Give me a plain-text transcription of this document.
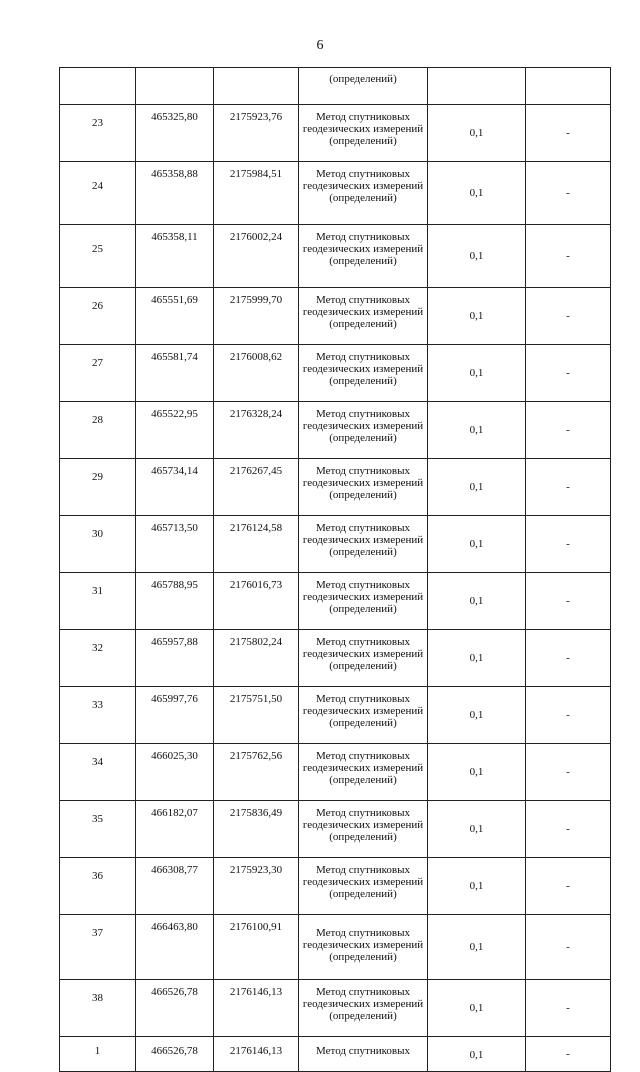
6
			(определений)		
23	465325,80	2175923,76	Метод спутниковых геодезических измерений (определений)	0,1	-
24	465358,88	2175984,51	Метод спутниковых геодезических измерений (определений)	0,1	-
25	465358,11	2176002,24	Метод спутниковых геодезических измерений (определений)	0,1	-
26	465551,69	2175999,70	Метод спутниковых геодезических измерений (определений)	0,1	-
27	465581,74	2176008,62	Метод спутниковых геодезических измерений (определений)	0,1	-
28	465522,95	2176328,24	Метод спутниковых геодезических измерений (определений)	0,1	-
29	465734,14	2176267,45	Метод спутниковых геодезических измерений (определений)	0,1	-
30	465713,50	2176124,58	Метод спутниковых геодезических измерений (определений)	0,1	-
31	465788,95	2176016,73	Метод спутниковых геодезических измерений (определений)	0,1	-
32	465957,88	2175802,24	Метод спутниковых геодезических измерений (определений)	0,1	-
33	465997,76	2175751,50	Метод спутниковых геодезических измерений (определений)	0,1	-
34	466025,30	2175762,56	Метод спутниковых геодезических измерений (определений)	0,1	-
35	466182,07	2175836,49	Метод спутниковых геодезических измерений (определений)	0,1	-
36	466308,77	2175923,30	Метод спутниковых геодезических измерений (определений)	0,1	-
37	466463,80	2176100,91	Метод спутниковых геодезических измерений (определений)	0,1	-
38	466526,78	2176146,13	Метод спутниковых геодезических измерений (определений)	0,1	-
1	466526,78	2176146,13	Метод спутниковых	0,1	-
